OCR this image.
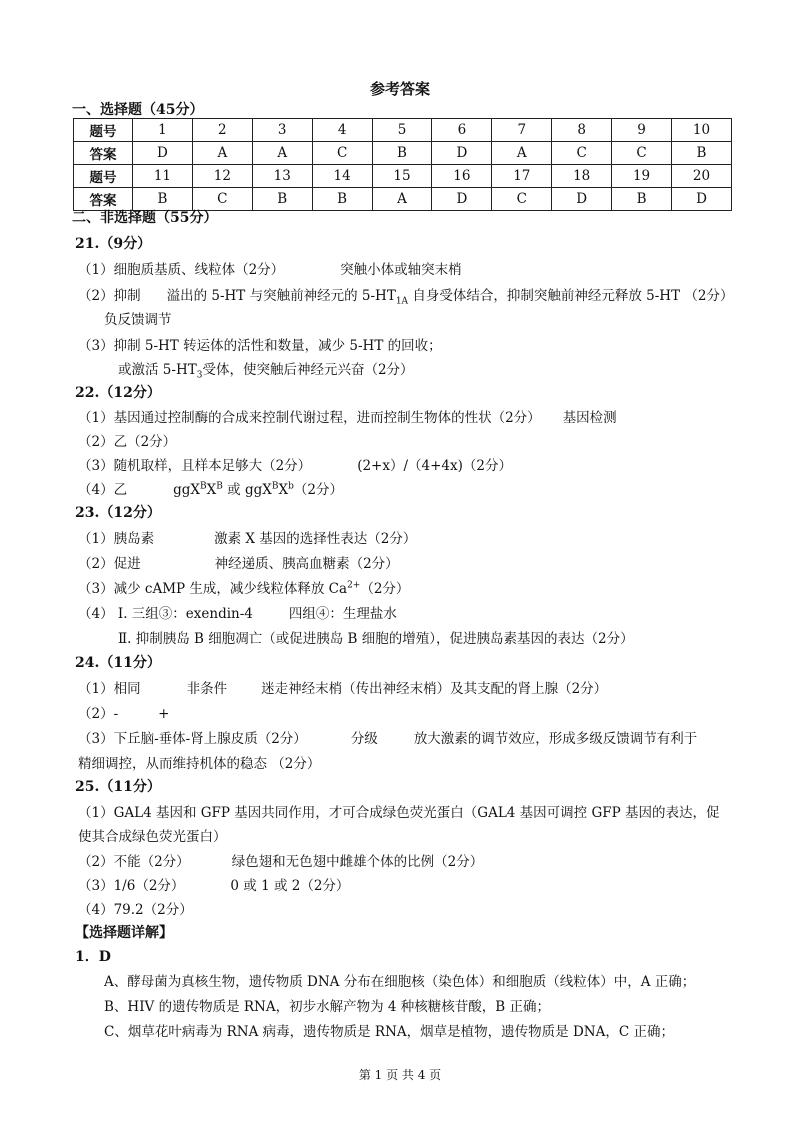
参考答案
一、选择题（45分）
题号	1	2	3	4	5	6	7	8	9	10
答案	D	A	A	C	B	D	A	C	C	B
题号	11	12	13	14	15	16	17	18	19	20
答案	B	C	B	B	A	D	C	D	B	D
二、非选择题（55分）
21.（9分）
（1）细胞质基质、线粒体（2分）	突触小体或轴突末梢
（2）抑制 溢出的 5-HT 与突触前神经元的 $5-HT_{1A}$ 自身受体结合，抑制突触前神经元释放 5-HT （2分）
负反馈调节
（3）抑制 5-HT 转运体的活性和数量，减少 5-HT 的回收；
或激活 $5-HT_3$受体，使突触后神经元兴奋（2分）
22.（12分）
（1）基因通过控制酶的合成来控制代谢过程，进而控制生物体的性状（2分） 基因检测
（2）乙（2分）
（3）随机取样，且样本足够大（2分）	(2+x）/（4+4x)（2分）
（4）乙	$ggX^BX^B$ 或 $ggX^BX^b(2$分）
23.（12分）
（1）胰岛素	激素 X 基因的选择性表达（2分）
（2）促进	神经递质、胰高血糖素（2分）
（3）减少 cAMP 生成，减少线粒体释放 $Ca^{2+}(2$分）
（4） Ⅰ. 三组③：exendin-4	四组④：生理盐水
Ⅱ. 抑制胰岛 B 细胞凋亡（或促进胰岛 B 细胞的增殖），促进胰岛素基因的表达（2分）
24.（11分）
（1）相同	非条件	迷走神经末梢（传出神经末梢）及其支配的肾上腺（2分）
（2）-	+
（3）下丘脑-垂体-肾上腺皮质（2分）	分级	放大激素的调节效应，形成多级反馈调节有利于
精细调控，从而维持机体的稳态 （2分）
25.（11分）
（1）GAL4 基因和 GFP 基因共同作用，才可合成绿色荧光蛋白（GAL4 基因可调控 GFP 基因的表达，促
使其合成绿色荧光蛋白）
（2）不能（2分）	绿色翅和无色翅中雌雄个体的比例（2分）
（3）1/6（2分）	0 或 1 或 2（2分）
（4）79.2（2分）
【选择题详解】
1．D
A、酵母菌为真核生物，遗传物质 DNA 分布在细胞核（染色体）和细胞质（线粒体）中，A 正确；
B、HIV 的遗传物质是 RNA，初步水解产物为 4 种核糖核苷酸，B 正确；
C、烟草花叶病毒为 RNA 病毒，遗传物质是 RNA，烟草是植物，遗传物质是 DNA，C 正确；
第 1 页 共 4 页
